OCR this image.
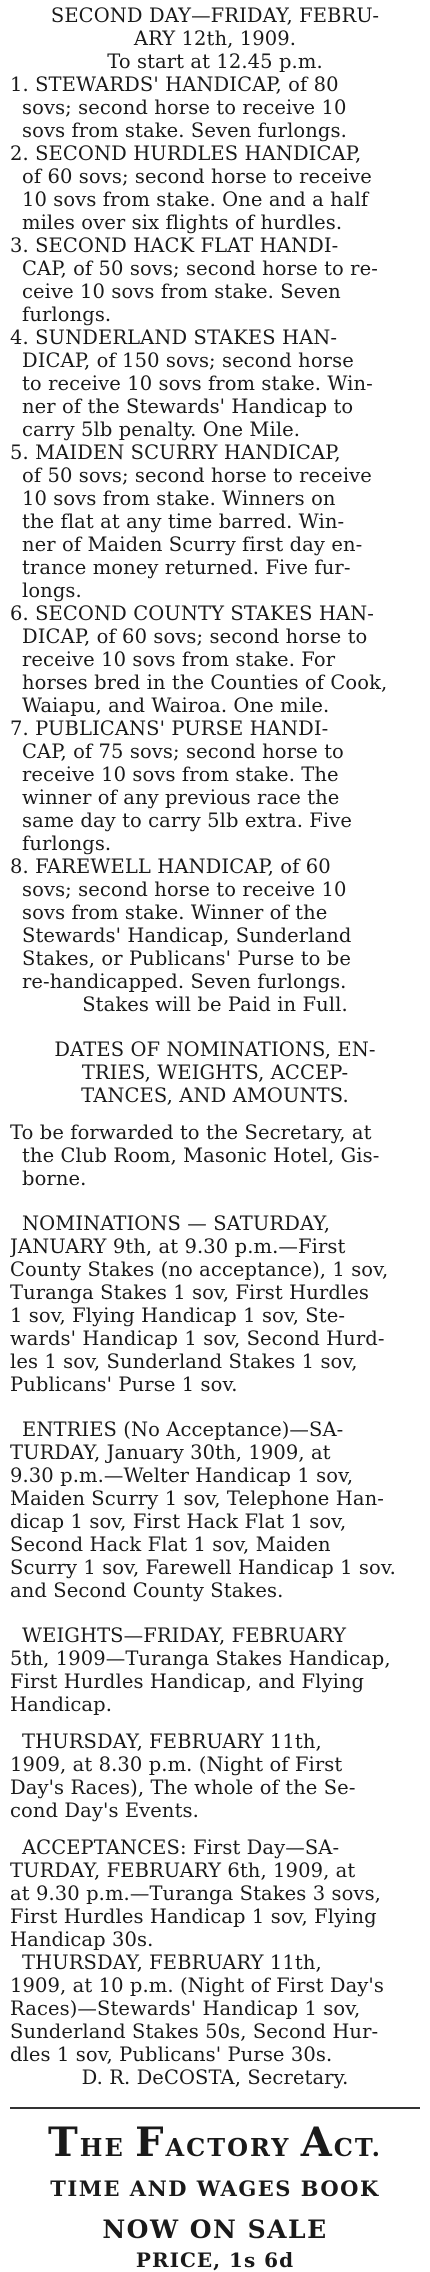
SECOND DAY—FRIDAY, FEBRU-
ARY 12th, 1909.
To start at 12.45 p.m.
1. STEWARDS' HANDICAP, of 80
sovs; second horse to receive 10
sovs from stake. Seven furlongs.
2. SECOND HURDLES HANDICAP,
of 60 sovs; second horse to receive
10 sovs from stake. One and a half
miles over six flights of hurdles.
3. SECOND HACK FLAT HANDI-
CAP, of 50 sovs; second horse to re-
ceive 10 sovs from stake. Seven
furlongs.
4. SUNDERLAND STAKES HAN-
DICAP, of 150 sovs; second horse
to receive 10 sovs from stake. Win-
ner of the Stewards' Handicap to
carry 5lb penalty. One Mile.
5. MAIDEN SCURRY HANDICAP,
of 50 sovs; second horse to receive
10 sovs from stake. Winners on
the flat at any time barred. Win-
ner of Maiden Scurry first day en-
trance money returned. Five fur-
longs.
6. SECOND COUNTY STAKES HAN-
DICAP, of 60 sovs; second horse to
receive 10 sovs from stake. For
horses bred in the Counties of Cook,
Waiapu, and Wairoa. One mile.
7. PUBLICANS' PURSE HANDI-
CAP, of 75 sovs; second horse to
receive 10 sovs from stake. The
winner of any previous race the
same day to carry 5lb extra. Five
furlongs.
8. FAREWELL HANDICAP, of 60
sovs; second horse to receive 10
sovs from stake. Winner of the
Stewards' Handicap, Sunderland
Stakes, or Publicans' Purse to be
re-handicapped. Seven furlongs.
Stakes will be Paid in Full.
DATES OF NOMINATIONS, EN-
TRIES, WEIGHTS, ACCEP-
TANCES, AND AMOUNTS.
To be forwarded to the Secretary, at
the Club Room, Masonic Hotel, Gis-
borne.
NOMINATIONS — SATURDAY,
JANUARY 9th, at 9.30 p.m.—First
County Stakes (no acceptance), 1 sov,
Turanga Stakes 1 sov, First Hurdles
1 sov, Flying Handicap 1 sov, Ste-
wards' Handicap 1 sov, Second Hurd-
les 1 sov, Sunderland Stakes 1 sov,
Publicans' Purse 1 sov.
ENTRIES (No Acceptance)—SA-
TURDAY, January 30th, 1909, at
9.30 p.m.—Welter Handicap 1 sov,
Maiden Scurry 1 sov, Telephone Han-
dicap 1 sov, First Hack Flat 1 sov,
Second Hack Flat 1 sov, Maiden
Scurry 1 sov, Farewell Handicap 1 sov.
and Second County Stakes.
WEIGHTS—FRIDAY, FEBRUARY
5th, 1909—Turanga Stakes Handicap,
First Hurdles Handicap, and Flying
Handicap.
THURSDAY, FEBRUARY 11th,
1909, at 8.30 p.m. (Night of First
Day's Races), The whole of the Se-
cond Day's Events.
ACCEPTANCES: First Day—SA-
TURDAY, FEBRUARY 6th, 1909, at
at 9.30 p.m.—Turanga Stakes 3 sovs,
First Hurdles Handicap 1 sov, Flying
Handicap 30s.
THURSDAY, FEBRUARY 11th,
1909, at 10 p.m. (Night of First Day's
Races)—Stewards' Handicap 1 sov,
Sunderland Stakes 50s, Second Hur-
dles 1 sov, Publicans' Purse 30s.
D. R. DeCOSTA, Secretary.
THE FACTORY ACT.
TIME AND WAGES BOOK
NOW ON SALE
PRICE, 1s 6d
